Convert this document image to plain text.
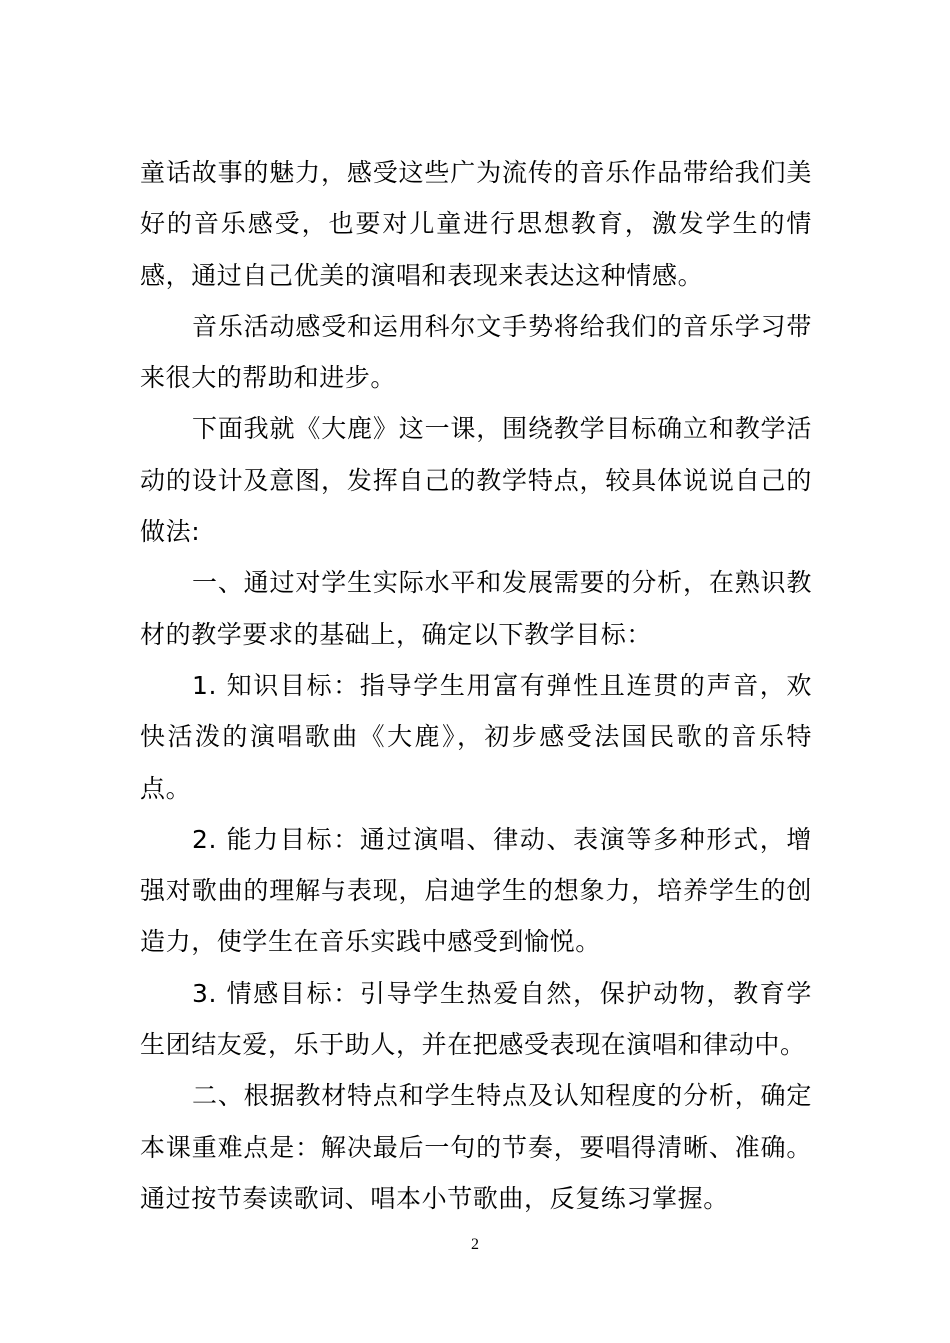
童话故事的魅力，感受这些广为流传的音乐作品带给我们美好的音乐感受，也要对儿童进行思想教育，激发学生的情感，通过自己优美的演唱和表现来表达这种情感。

音乐活动感受和运用科尔文手势将给我们的音乐学习带来很大的帮助和进步。

下面我就《大鹿》这一课，围绕教学目标确立和教学活动的设计及意图，发挥自己的教学特点，较具体说说自己的做法:

一、通过对学生实际水平和发展需要的分析，在熟识教材的教学要求的基础上，确定以下教学目标：

1. 知识目标：指导学生用富有弹性且连贯的声音，欢快活泼的演唱歌曲《大鹿》，初步感受法国民歌的音乐特点。

2. 能力目标：通过演唱、律动、表演等多种形式，增强对歌曲的理解与表现，启迪学生的想象力，培养学生的创造力，使学生在音乐实践中感受到愉悦。

3. 情感目标：引导学生热爱自然，保护动物，教育学生团结友爱，乐于助人，并在把感受表现在演唱和律动中。

二、根据教材特点和学生特点及认知程度的分析，确定本课重难点是：解决最后一句的节奏，要唱得清晰、准确。通过按节奏读歌词、唱本小节歌曲，反复练习掌握。

2
